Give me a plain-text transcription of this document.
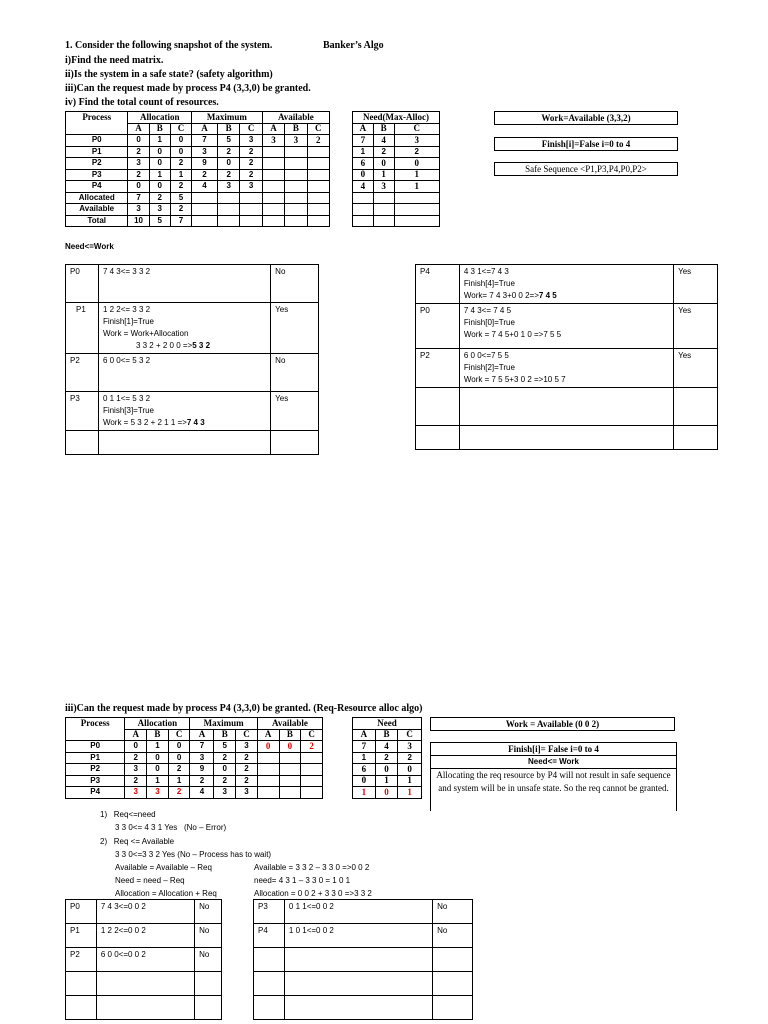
1. Consider the following snapshot of the system.	Banker’s Algo
i)Find the need matrix.
ii)Is the system in a safe state? (safety algorithm)
iii)Can the request made by process P4 (3,3,0) be granted.
iv) Find the total count of resources.
Process	Allocation			Maximum			Available		
	A	B	C	A	B	C	A	B	C
P0	0	1	0	7	5	3	3	3	2
P1	2	0	0	3	2	2			
P2	3	0	2	9	0	2			
P3	2	1	1	2	2	2			
P4	0	0	2	4	3	3			
Allocated	7	2	5						
Available	3	3	2						
Total	10	5	7						
Need<=Work
Need(Max-Alloc)		
A	B	C
7	4	3
1	2	2
6	0	0
0	1	1
4	3	1

Work=Available (3,3,2)
Finish[i]=False i=0 to 4
Safe Sequence <P1,P3,P4,P0,P2>
P0	7 4 3<= 3 3 2	No
P1	1 2 2<= 3 3 2
Finish[1]=True
Work = Work+Allocation
3 3 2 + 2 0 0 =>5 3 2	Yes
P2	6 0 0<= 5 3 2	No
P3	0 1 1<= 5 3 2
Finish[3]=True
Work = 5 3 2 + 2 1 1 =>7 4 3	Yes

P4	4 3 1<=7 4 3
Finish[4]=True
Work= 7 4 3+0 0 2=>7 4 5	Yes
P0	7 4 3<= 7 4 5
Finish[0]=True
Work = 7 4 5+0 1 0 =>7 5 5	Yes
P2	6 0 0<=7 5 5
Finish[2]=True
Work = 7 5 5+3 0 2 =>10 5 7	Yes

iii)Can the request made by process P4 (3,3,0) be granted. (Req-Resource alloc algo)
Process	Allocation			Maximum			Available		
	A	B	C	A	B	C	A	B	C
P0	0	1	0	7	5	3	0	0	2
P1	2	0	0	3	2	2			
P2	3	0	2	9	0	2			
P3	2	1	1	2	2	2			
P4	3	3	2	4	3	3			
Need		
A	B	C
7	4	3
1	2	2
6	0	0
0	1	1
1	0	1
Work = Available (0 0 2)
Finish[i]= False i=0 to 4
Need<= Work
Allocating the req resource by P4 will not result in safe sequence and system will be in unsafe state. So the req cannot be granted.
1)   Req<=need
3 3 0<= 4 3 1 Yes   (No – Error)
2)   Req <= Available
3 3 0<=3 3 2 Yes (No – Process has to wait)
Available = Available – Req	Available = 3 3 2 – 3 3 0 =>0 0 2
Need = need – Req	need= 4 3 1 – 3 3 0 = 1 0 1
Allocation = Allocation + Req	Allocation = 0 0 2 + 3 3 0 =>3 3 2
P0	7 4 3<=0 0 2	No
P1	1 2 2<=0 0 2	No
P2	6 0 0<=0 0 2	No

P3	0 1 1<=0 0 2	No
P4	1 0 1<=0 0 2	No
